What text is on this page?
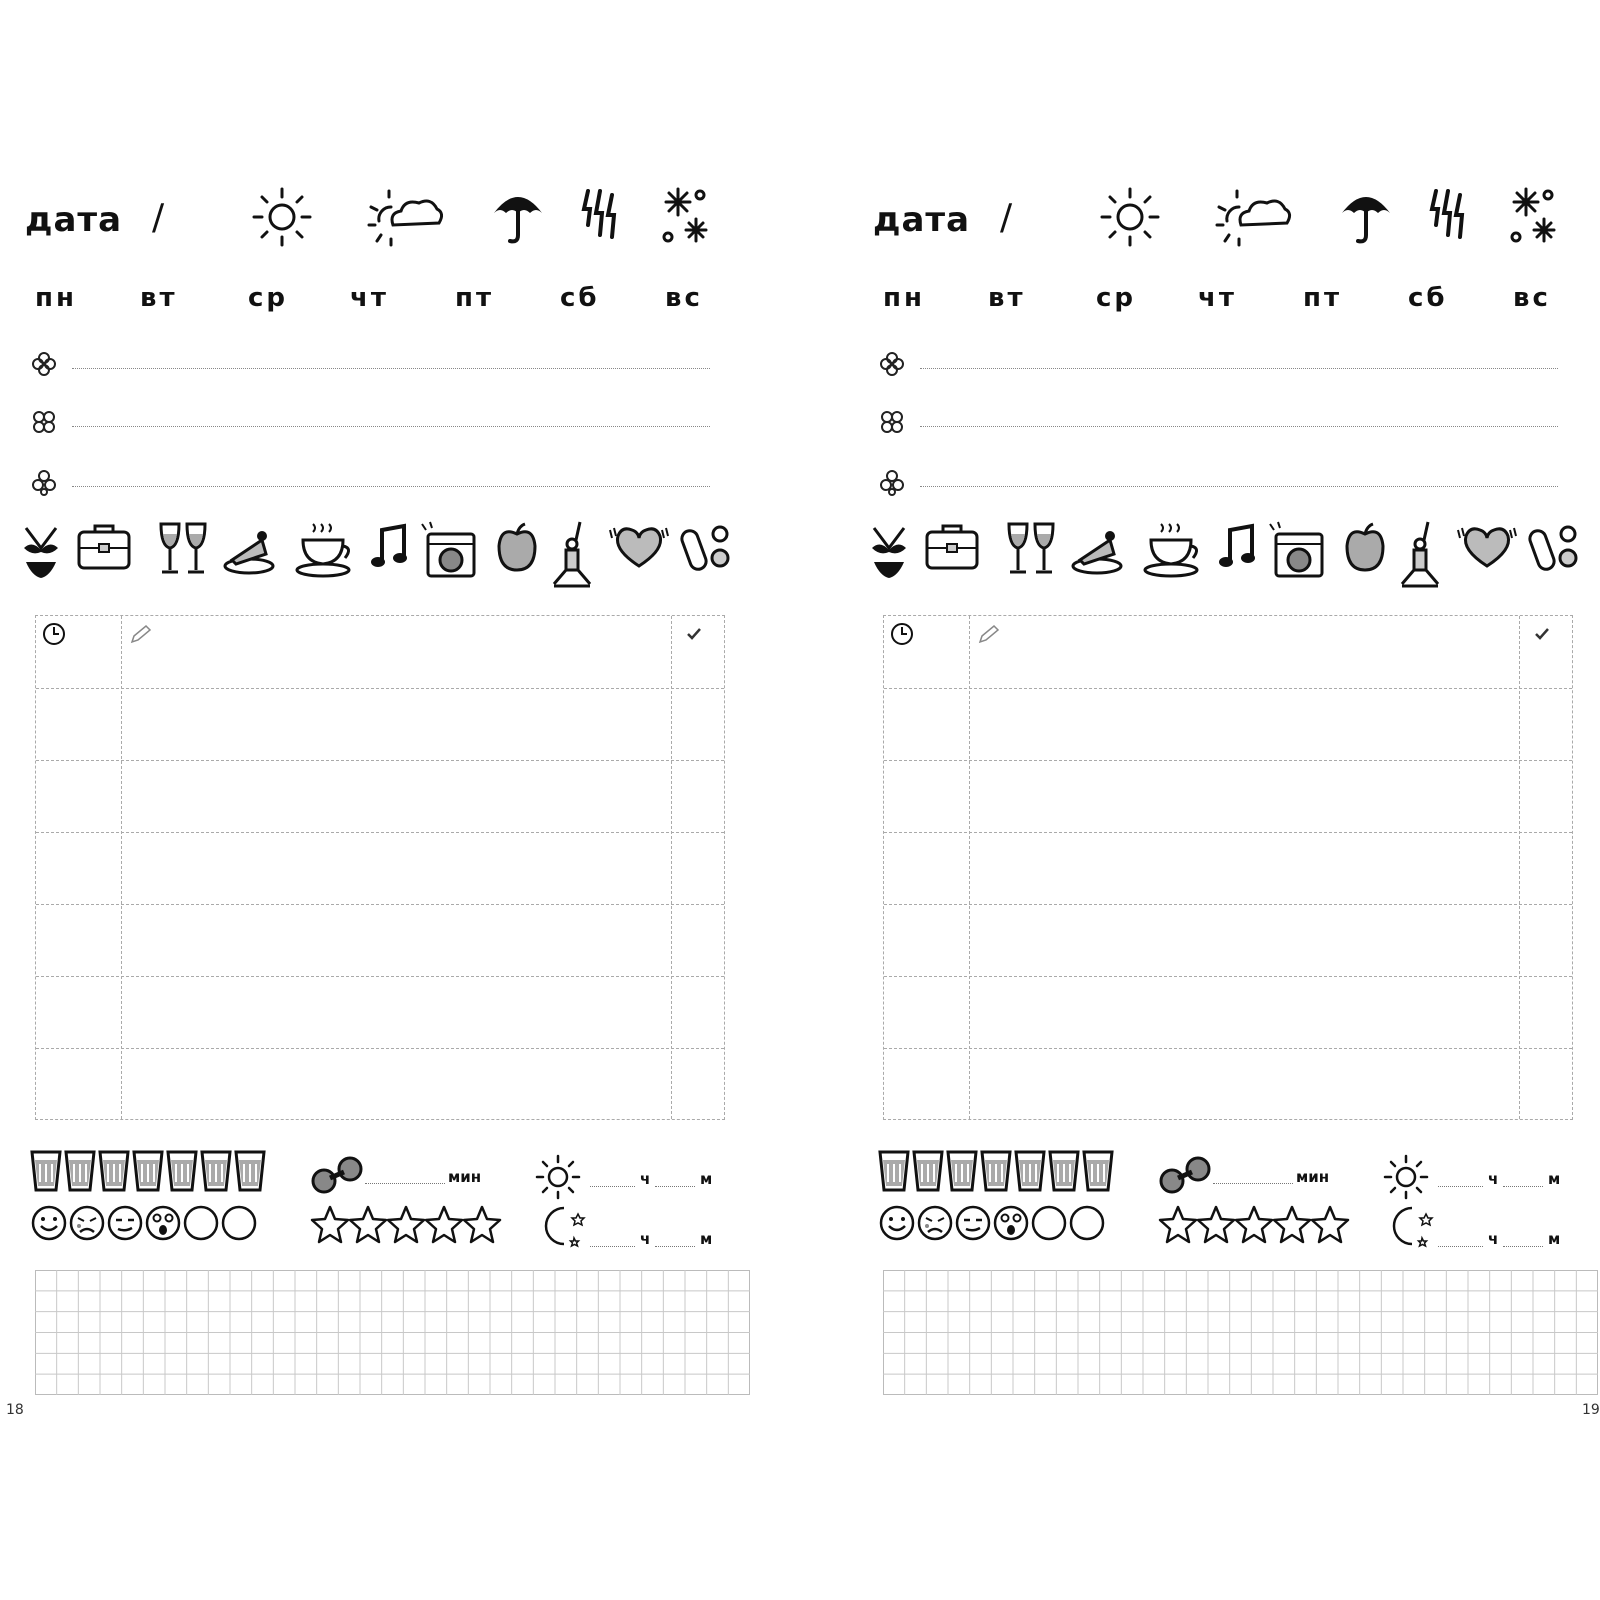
дата /
пн вт	ср чт	пт	сб	вс
мин	ч	м
ч	м
дата /
пн вт	ср чт	пт	сб	вс
мин	ч	м
ч	м
18	19
